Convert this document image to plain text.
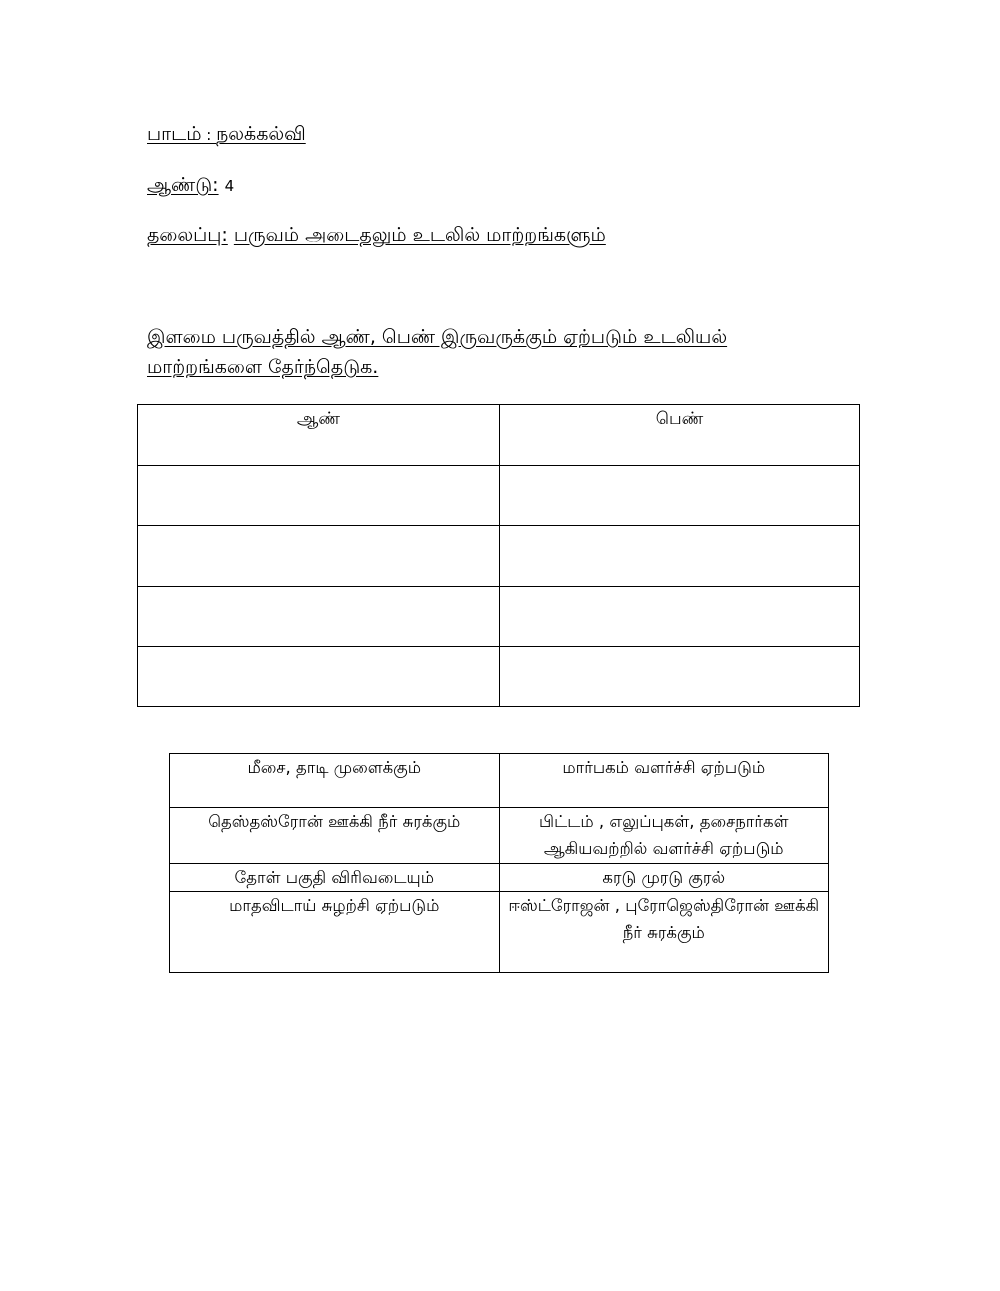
பாடம் : நலக்கல்வி
ஆண்டு: 4
தலைப்பு: பருவம் அடைதலும் உடலில் மாற்றங்களும்
இளமை பருவத்தில் ஆண், பெண் இருவருக்கும் ஏற்படும் உடலியல் மாற்றங்களை தேர்ந்தெடுக.
ஆண்	பெண்

மீசை, தாடி முளைக்கும்	மார்பகம் வளர்ச்சி ஏற்படும்
தெஸ்தஸ்ரோன் ஊக்கி நீர் சுரக்கும்	பிட்டம் , எலுப்புகள், தசைநார்கள் ஆகியவற்றில் வளர்ச்சி ஏற்படும்
தோள் பகுதி விரிவடையும்	கரடு முரடு குரல்
மாதவிடாய் சுழற்சி ஏற்படும்	ஈஸ்ட்ரோஜன் , புரோஜெஸ்திரோன் ஊக்கி நீர் சுரக்கும்
